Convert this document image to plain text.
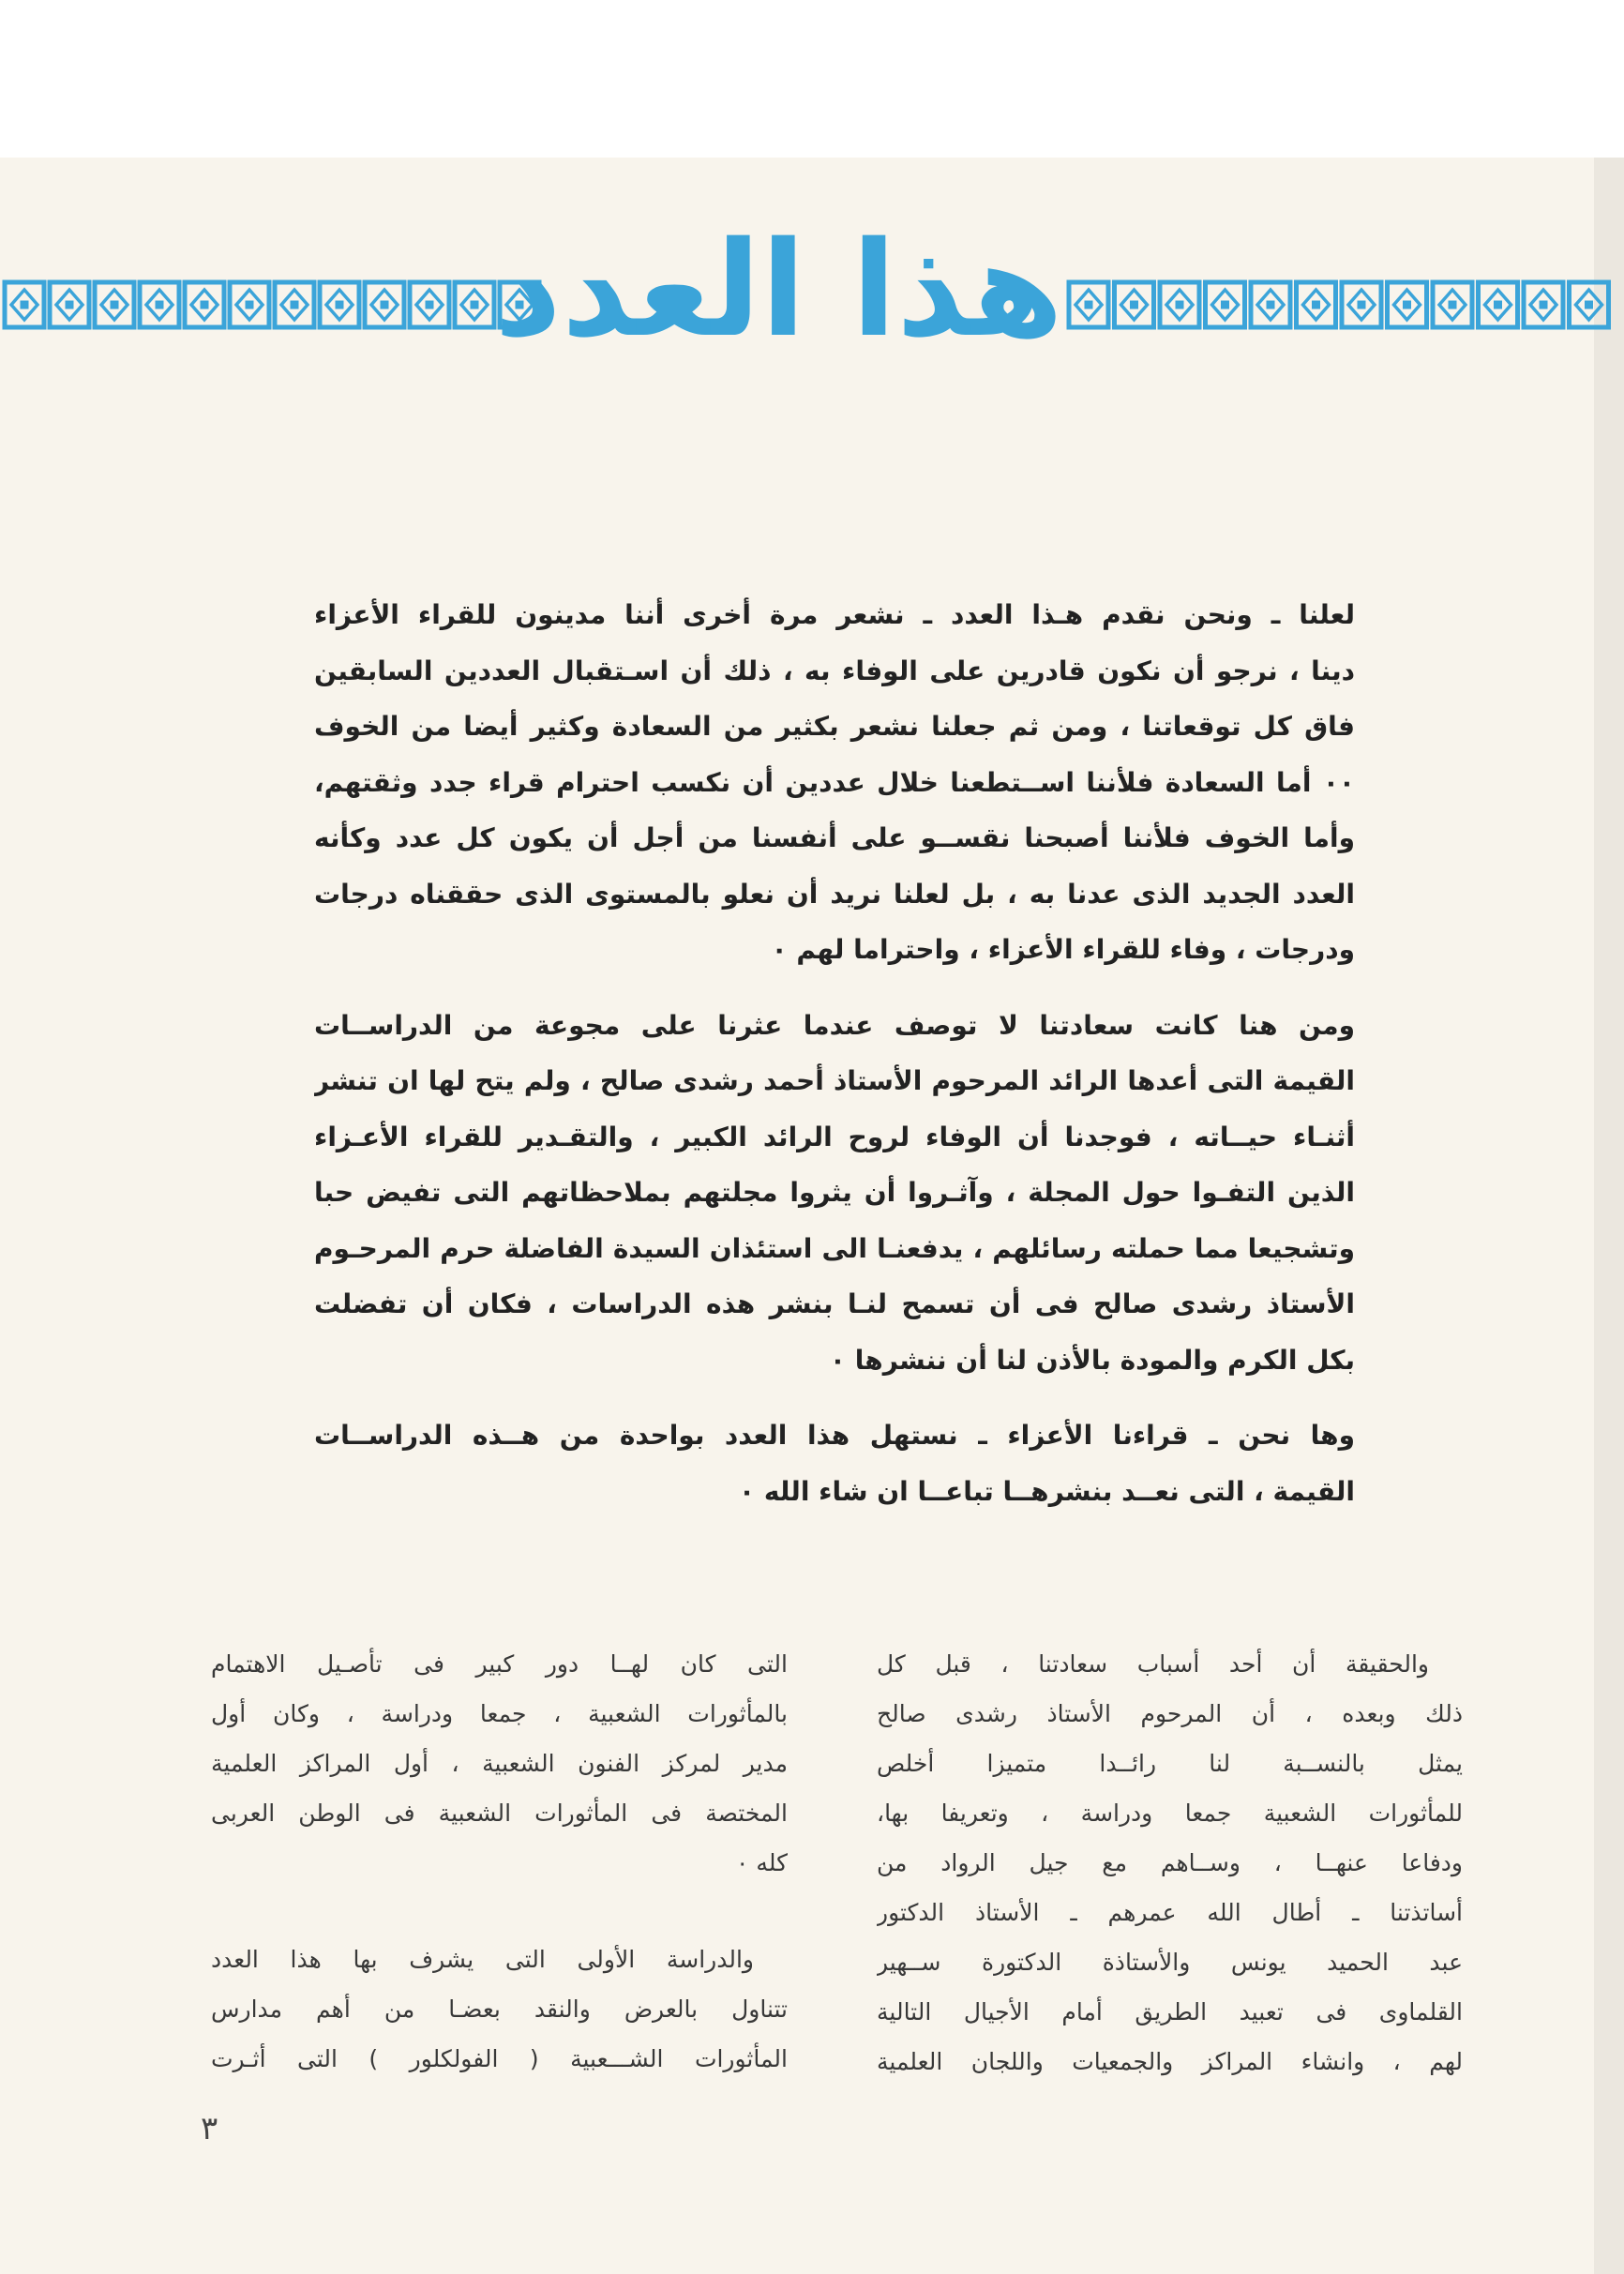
هذا العدد
لعلنا ـ ونحن نقدم هـذا العدد ـ نشعر مرة أخرى أننا مدينون للقراء الأعزاء
دينا ، نرجو أن نكون قادرين على الوفاء به ، ذلك أن اسـتقبال العددين السابقين
فاق كل توقعاتنا ، ومن ثم جعلنا نشعر بكثير من السعادة وكثير أيضا من الخوف
٠٠ أما السعادة فلأننا اســتطعنا خلال عددين أن نكسب احترام قراء جدد وثقتهم،
وأما الخوف فلأننا أصبحنا نقســو على أنفسنا من أجل أن يكون كل عدد وكأنه
العدد الجديد الذى عدنا به ، بل لعلنا نريد أن نعلو بالمستوى الذى حققناه درجات
ودرجات ، وفاء للقراء الأعزاء ، واحتراما لهم ٠
ومن هنا كانت سعادتنا لا توصف عندما عثرنا على مجوعة من الدراســات
القيمة التى أعدها الرائد المرحوم الأستاذ أحمد رشدى صالح ، ولم يتح لها ان تنشر
أثنـاء حيــاته ، فوجدنا أن الوفاء لروح الرائد الكبير ، والتقـدير للقراء الأعـزاء
الذين التفـوا حول المجلة ، وآثـروا أن يثروا مجلتهم بملاحظاتهم التى تفيض حبا
وتشجيعا مما حملته رسائلهم ، يدفعنـا الى استئذان السيدة الفاضلة حرم المرحـوم
الأستاذ رشدى صالح فى أن تسمح لنـا بنشر هذه الدراسات ، فكان أن تفضلت
بكل الكرم والمودة بالأذن لنا أن ننشرها ٠
وها نحن ـ قراءنا الأعزاء ـ نستهل هذا العدد بواحدة من هــذه الدراســات
القيمة ، التى نعــد بنشرهــا تباعــا ان شاء الله ٠
والحقيقة أن أحد أسباب سعادتنا ، قبل كل
ذلك وبعده ، أن المرحوم الأستاذ رشدى صالح
يمثل بالنســبة لنا رائــدا متميزا أخلص
للمأثورات الشعبية جمعا ودراسة ، وتعريفا بها،
ودفاعا عنهــا ، وســاهم مع جيل الرواد من
أساتذتنا ـ أطال الله عمرهم ـ الأستاذ الدكتور
عبد الحميد يونس والأستاذة الدكتورة ســهير
القلماوى فى تعبيد الطريق أمام الأجيال التالية
لهم ، وانشاء المراكز والجمعيات واللجان العلمية
التى كان لهــا دور كبير فى تأصـيل الاهتمام
بالمأثورات الشعبية ، جمعا ودراسة ، وكان أول
مدير لمركز الفنون الشعبية ، أول المراكز العلمية
المختصة فى المأثورات الشعبية فى الوطن العربى
كله ٠
والدراسة الأولى التى يشرف بها هذا العدد
تتناول بالعرض والنقد بعضـا من أهم مدارس
المأثورات الشـــعبية ( الفولكلور ) التى أثـرت
٣
